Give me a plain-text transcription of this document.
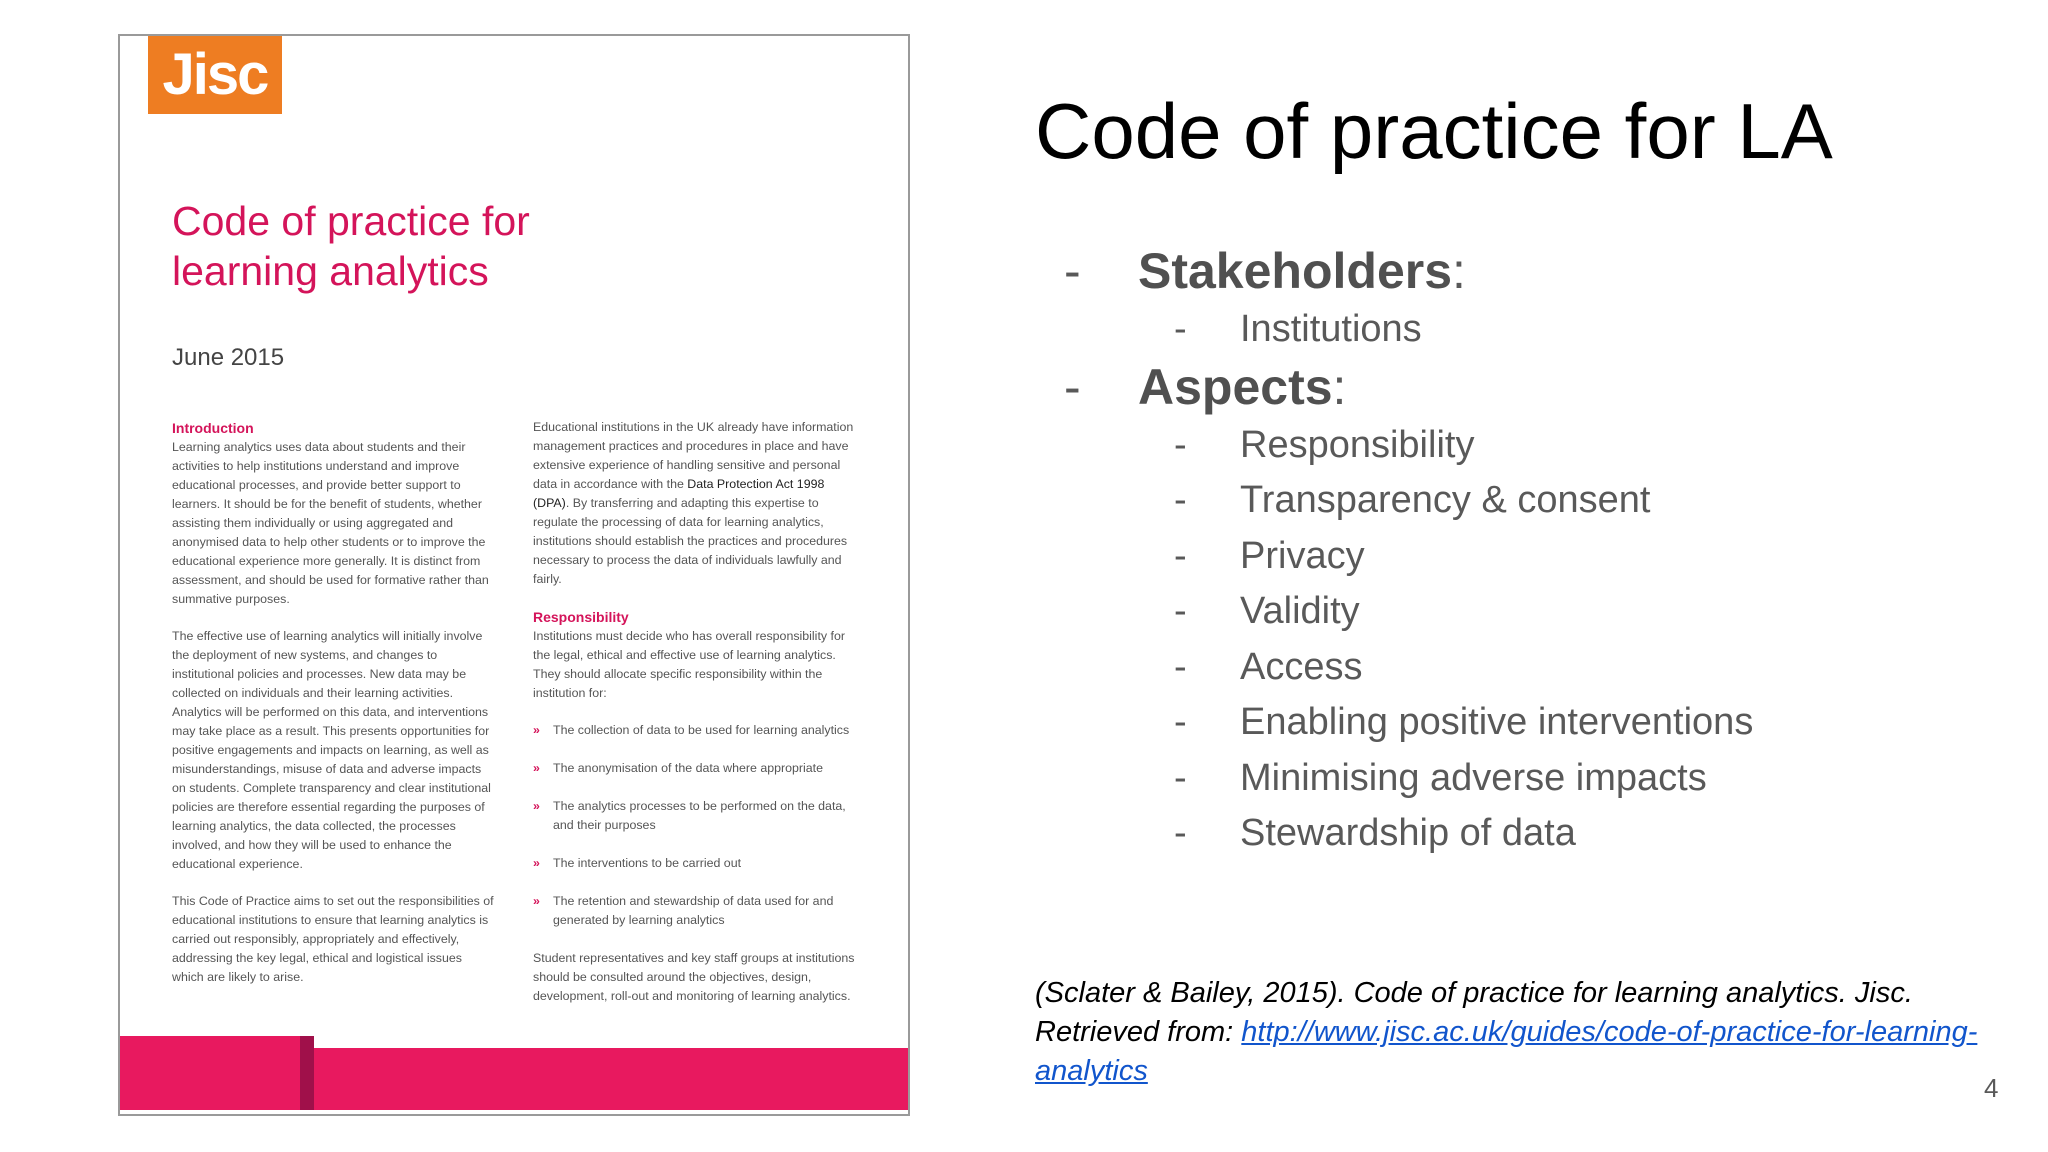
Jisc
Code of practice for
learning analytics
June 2015
Introduction

Learning analytics uses data about students and their activities to help institutions understand and improve educational processes, and provide better support to learners. It should be for the benefit of students, whether assisting them individually or using aggregated and anonymised data to help other students or to improve the educational experience more generally. It is distinct from assessment, and should be used for formative rather than summative purposes.

The effective use of learning analytics will initially involve the deployment of new systems, and changes to institutional policies and processes. New data may be collected on individuals and their learning activities. Analytics will be performed on this data, and interventions may take place as a result. This presents opportunities for positive engagements and impacts on learning, as well as misunderstandings, misuse of data and adverse impacts on students. Complete transparency and clear institutional policies are therefore essential regarding the purposes of learning analytics, the data collected, the processes involved, and how they will be used to enhance the educational experience.

This Code of Practice aims to set out the responsibilities of educational institutions to ensure that learning analytics is carried out responsibly, appropriately and effectively, addressing the key legal, ethical and logistical issues which are likely to arise.

Educational institutions in the UK already have information management practices and procedures in place and have extensive experience of handling sensitive and personal data in accordance with the Data Protection Act 1998 (DPA). By transferring and adapting this expertise to regulate the processing of data for learning analytics, institutions should establish the practices and procedures necessary to process the data of individuals lawfully and fairly.

Responsibility

Institutions must decide who has overall responsibility for the legal, ethical and effective use of learning analytics. They should allocate specific responsibility within the institution for:

» The collection of data to be used for learning analytics
» The anonymisation of the data where appropriate
» The analytics processes to be performed on the data, and their purposes
» The interventions to be carried out
» The retention and stewardship of data used for and generated by learning analytics

Student representatives and key staff groups at institutions should be consulted around the objectives, design, development, roll-out and monitoring of learning analytics.

Code of practice for LA
- Stakeholders:
- Institutions
- Aspects:
- Responsibility
- Transparency & consent
- Privacy
- Validity
- Access
- Enabling positive interventions
- Minimising adverse impacts
- Stewardship of data
(Sclater & Bailey, 2015). Code of practice for learning analytics. Jisc. Retrieved from: http://www.jisc.ac.uk/guides/code-of-practice-for-learning-analytics
4
